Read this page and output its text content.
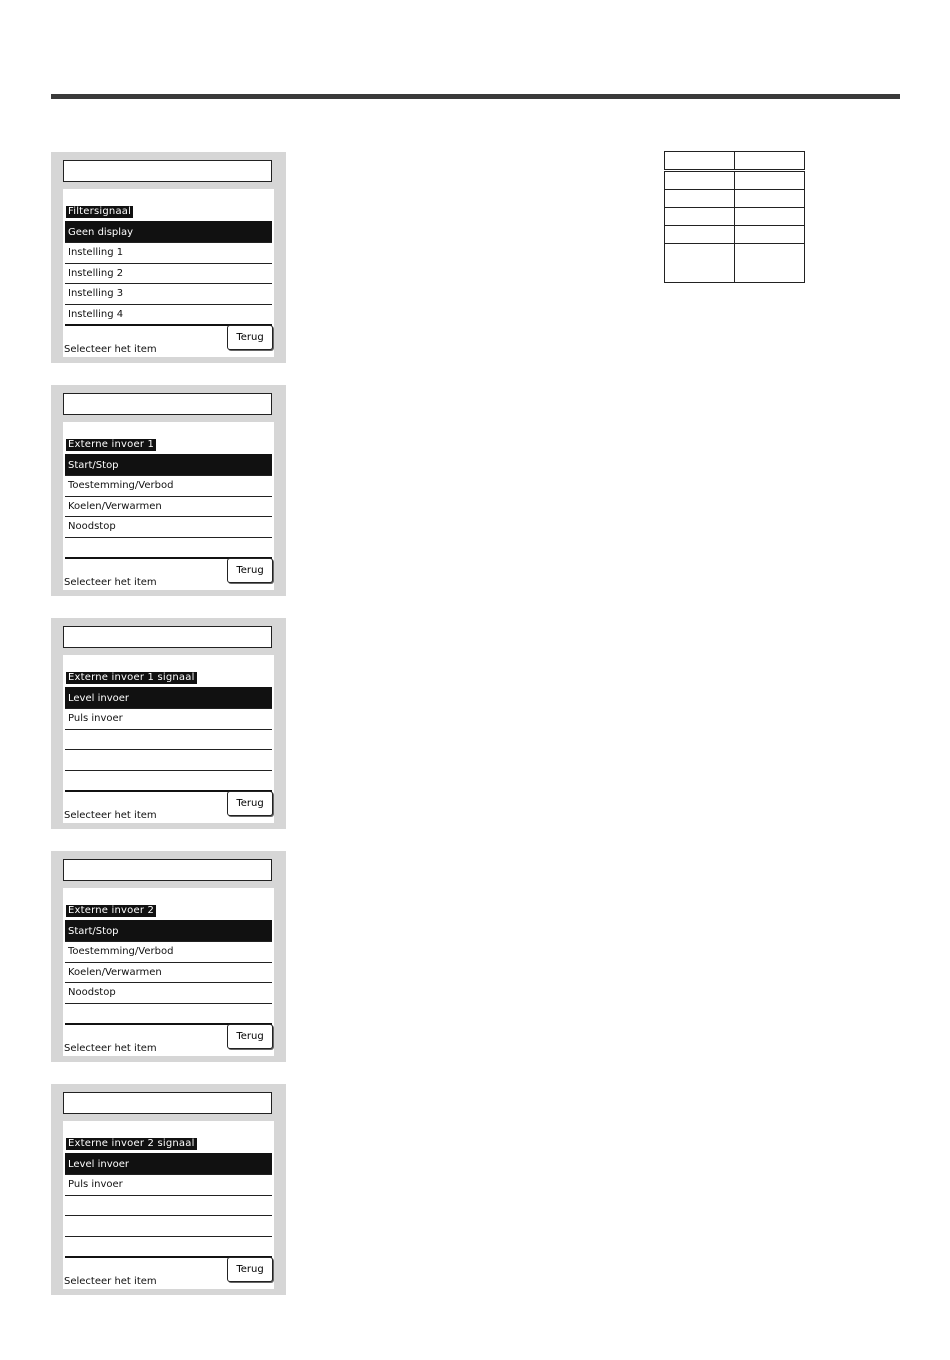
Filtersignaal
Geen display
Instelling 1
Instelling 2
Instelling 3
Instelling 4
Selecteer het item
Terug
Externe invoer 1
Start/Stop
Toestemming/Verbod
Koelen/Verwarmen
Noodstop
Selecteer het item
Terug
Externe invoer 1 signaal
Level invoer
Puls invoer
Selecteer het item
Terug
Externe invoer 2
Start/Stop
Toestemming/Verbod
Koelen/Verwarmen
Noodstop
Selecteer het item
Terug
Externe invoer 2 signaal
Level invoer
Puls invoer
Selecteer het item
Terug
